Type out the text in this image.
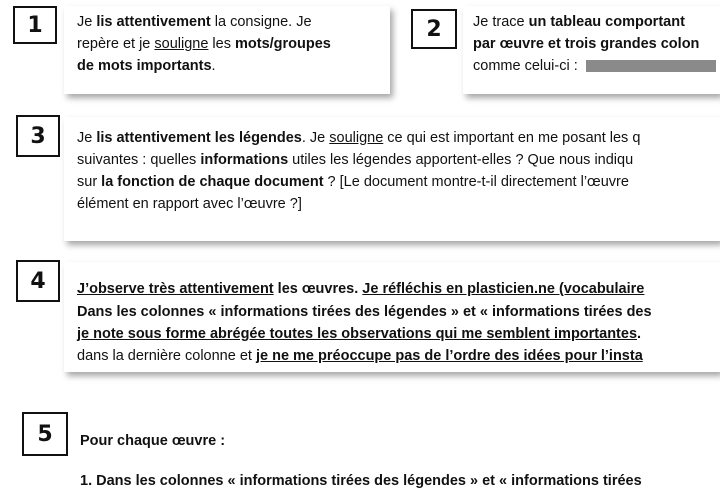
Je lis attentivement la consigne. Je
repère et je souligne les mots/groupes
de mots importants.
1	Je trace un tableau comportant
par œuvre et trois grandes colon
comme celui-ci :
2
Je lis attentivement les légendes. Je souligne ce qui est important en me posant les q
suivantes : quelles informations utiles les légendes apportent-elles ? Que nous indiqu
sur la fonction de chaque document ? [Le document montre-t-il directement l’œuvre
élément en rapport avec l’œuvre ?]
3
J’observe très attentivement les œuvres. Je réfléchis en plasticien.ne (vocabulaire
Dans les colonnes « informations tirées des légendes » et « informations tirées des
je note sous forme abrégée toutes les observations qui me semblent importantes.
dans la dernière colonne et je ne me préoccupe pas de l’ordre des idées pour l’insta
4
Pour chaque œuvre :
1. Dans les colonnes « informations tirées des légendes » et « informations tirées
5
